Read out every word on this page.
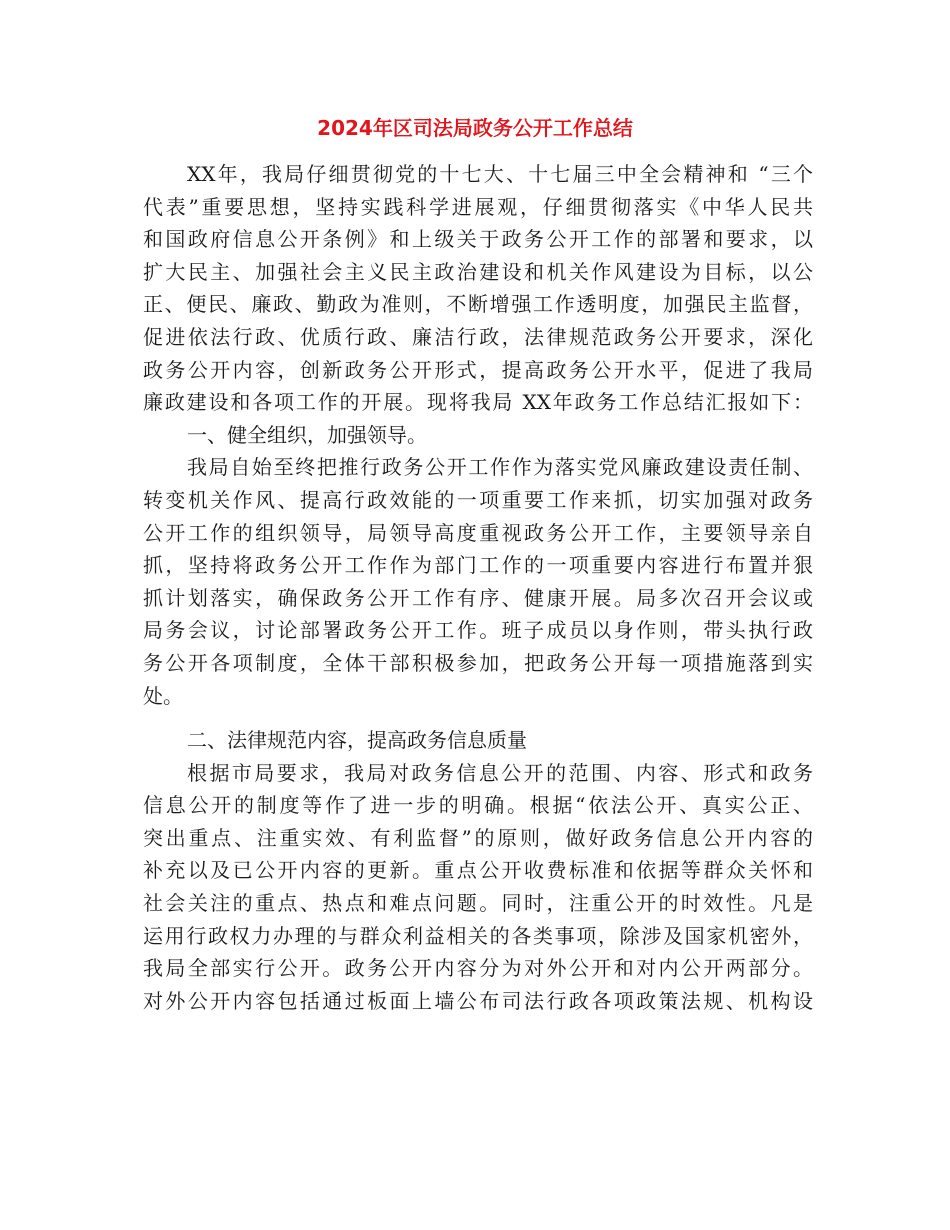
2024年区司法局政务公开工作总结
XX年，我局仔细贯彻党的十七大、十七届三中全会精神和 “三个
代表”重要思想，坚持实践科学进展观，仔细贯彻落实《中华人民共
和国政府信息公开条例》和上级关于政务公开工作的部署和要求，以
扩大民主、加强社会主义民主政治建设和机关作风建设为目标，以公
正、便民、廉政、勤政为准则，不断增强工作透明度，加强民主监督，
促进依法行政、优质行政、廉洁行政，法律规范政务公开要求，深化
政务公开内容，创新政务公开形式，提高政务公开水平，促进了我局
廉政建设和各项工作的开展。现将我局 XX年政务工作总结汇报如下：
一、健全组织，加强领导。
我局自始至终把推行政务公开工作作为落实党风廉政建设责任制、
转变机关作风、提高行政效能的一项重要工作来抓，切实加强对政务
公开工作的组织领导，局领导高度重视政务公开工作，主要领导亲自
抓，坚持将政务公开工作作为部门工作的一项重要内容进行布置并狠
抓计划落实，确保政务公开工作有序、健康开展。局多次召开会议或
局务会议，讨论部署政务公开工作。班子成员以身作则，带头执行政
务公开各项制度，全体干部积极参加，把政务公开每一项措施落到实
处。
二、法律规范内容，提高政务信息质量
根据市局要求，我局对政务信息公开的范围、内容、形式和政务
信息公开的制度等作了进一步的明确。根据“依法公开、真实公正、
突出重点、注重实效、有利监督”的原则，做好政务信息公开内容的
补充以及已公开内容的更新。重点公开收费标准和依据等群众关怀和
社会关注的重点、热点和难点问题。同时，注重公开的时效性。凡是
运用行政权力办理的与群众利益相关的各类事项，除涉及国家机密外，
我局全部实行公开。政务公开内容分为对外公开和对内公开两部分。
对外公开内容包括通过板面上墙公布司法行政各项政策法规、机构设
